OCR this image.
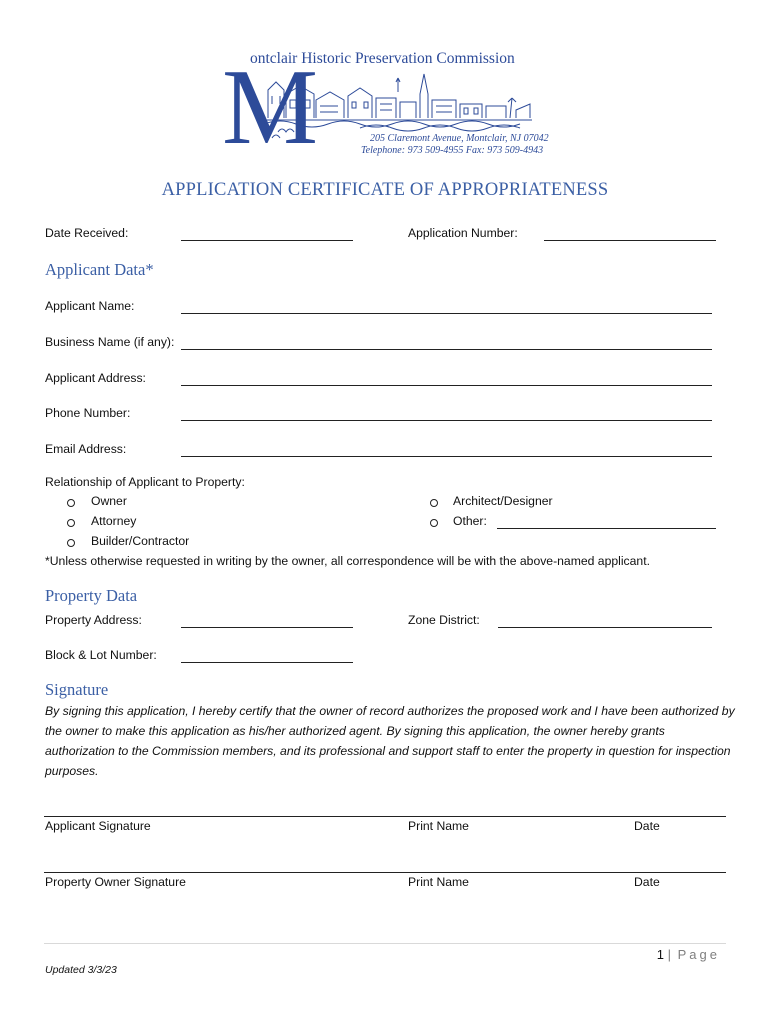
M
ontclair Historic Preservation Commission
205 Claremont Avenue, Montclair, NJ 07042
Telephone: 973 509-4955 Fax: 973 509-4943
APPLICATION CERTIFICATE OF APPROPRIATENESS
Date Received:	Application Number:
Applicant Data*
Applicant Name:
Business Name (if any):
Applicant Address:
Phone Number:
Email Address:
Relationship of Applicant to Property:
Owner
Attorney
Builder/Contractor
Architect/Designer
Other:
*Unless otherwise requested in writing by the owner, all correspondence will be with the above-named applicant.
Property Data
Property Address:	Zone District:
Block & Lot Number:
Signature
By signing this application, I hereby certify that the owner of record authorizes the proposed work and I have been authorized by the owner to make this application as his/her authorized agent. By signing this application, the owner hereby grants authorization to the Commission members, and its professional and support staff to enter the property in question for inspection purposes.
Applicant Signature	Print Name	Date
Property Owner Signature	Print Name	Date
1 | Page
Updated 3/3/23
